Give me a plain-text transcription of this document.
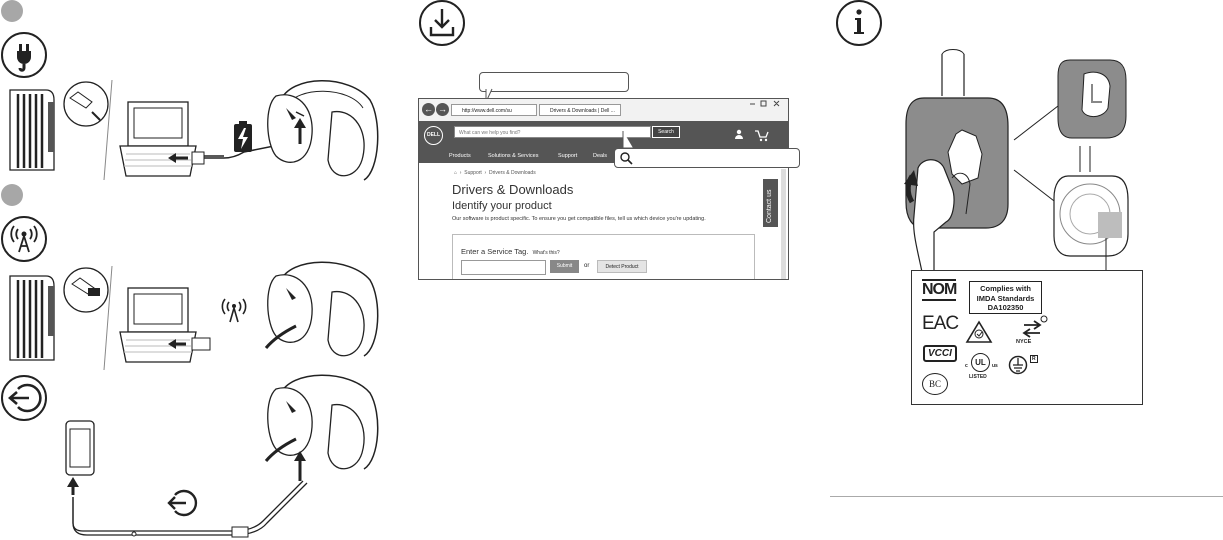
← →	http://www.dell.com/su	Drivers & Downloads | Dell ...
DELL	What can we help you find?	Search
Products	Solutions & Services	Support	Deals
⌂  ›  Support  ›  Drivers & Downloads
Drivers & Downloads
Identify your product
Our software is product specific. To ensure you get compatible files, tell us which device you're updating.
Enter a Service Tag. What's this?
Submit	or	Detect Product
Contact us
NOM	Complies with IMDA Standards DA102350
EAC
NYCE
VCCI
c UL	us
LISTED
R
BC
